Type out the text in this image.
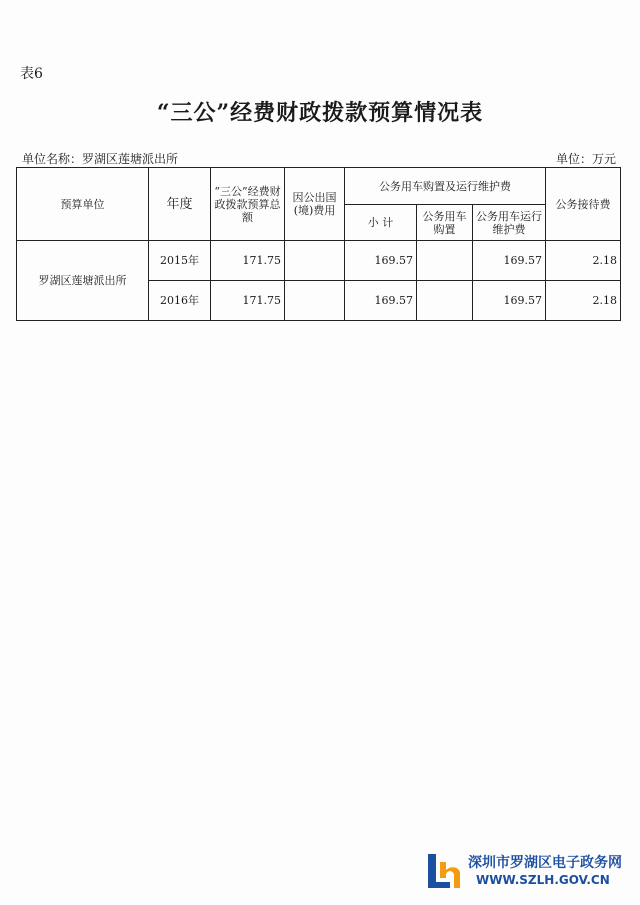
表6
“三公”经费财政拨款预算情况表
单位名称：罗湖区莲塘派出所	单位：万元
预算单位	年度	“三公”经费财政拨款预算总额	因公出国(境)费用	公务用车购置及运行维护费			公务接待费
				小 计	公务用车购置	公务用车运行维护费	
罗湖区莲塘派出所	2015年	171.75		169.57		169.57	2.18
	2016年	171.75		169.57		169.57	2.18
深圳市罗湖区电子政务网
WWW.SZLH.GOV.CN
